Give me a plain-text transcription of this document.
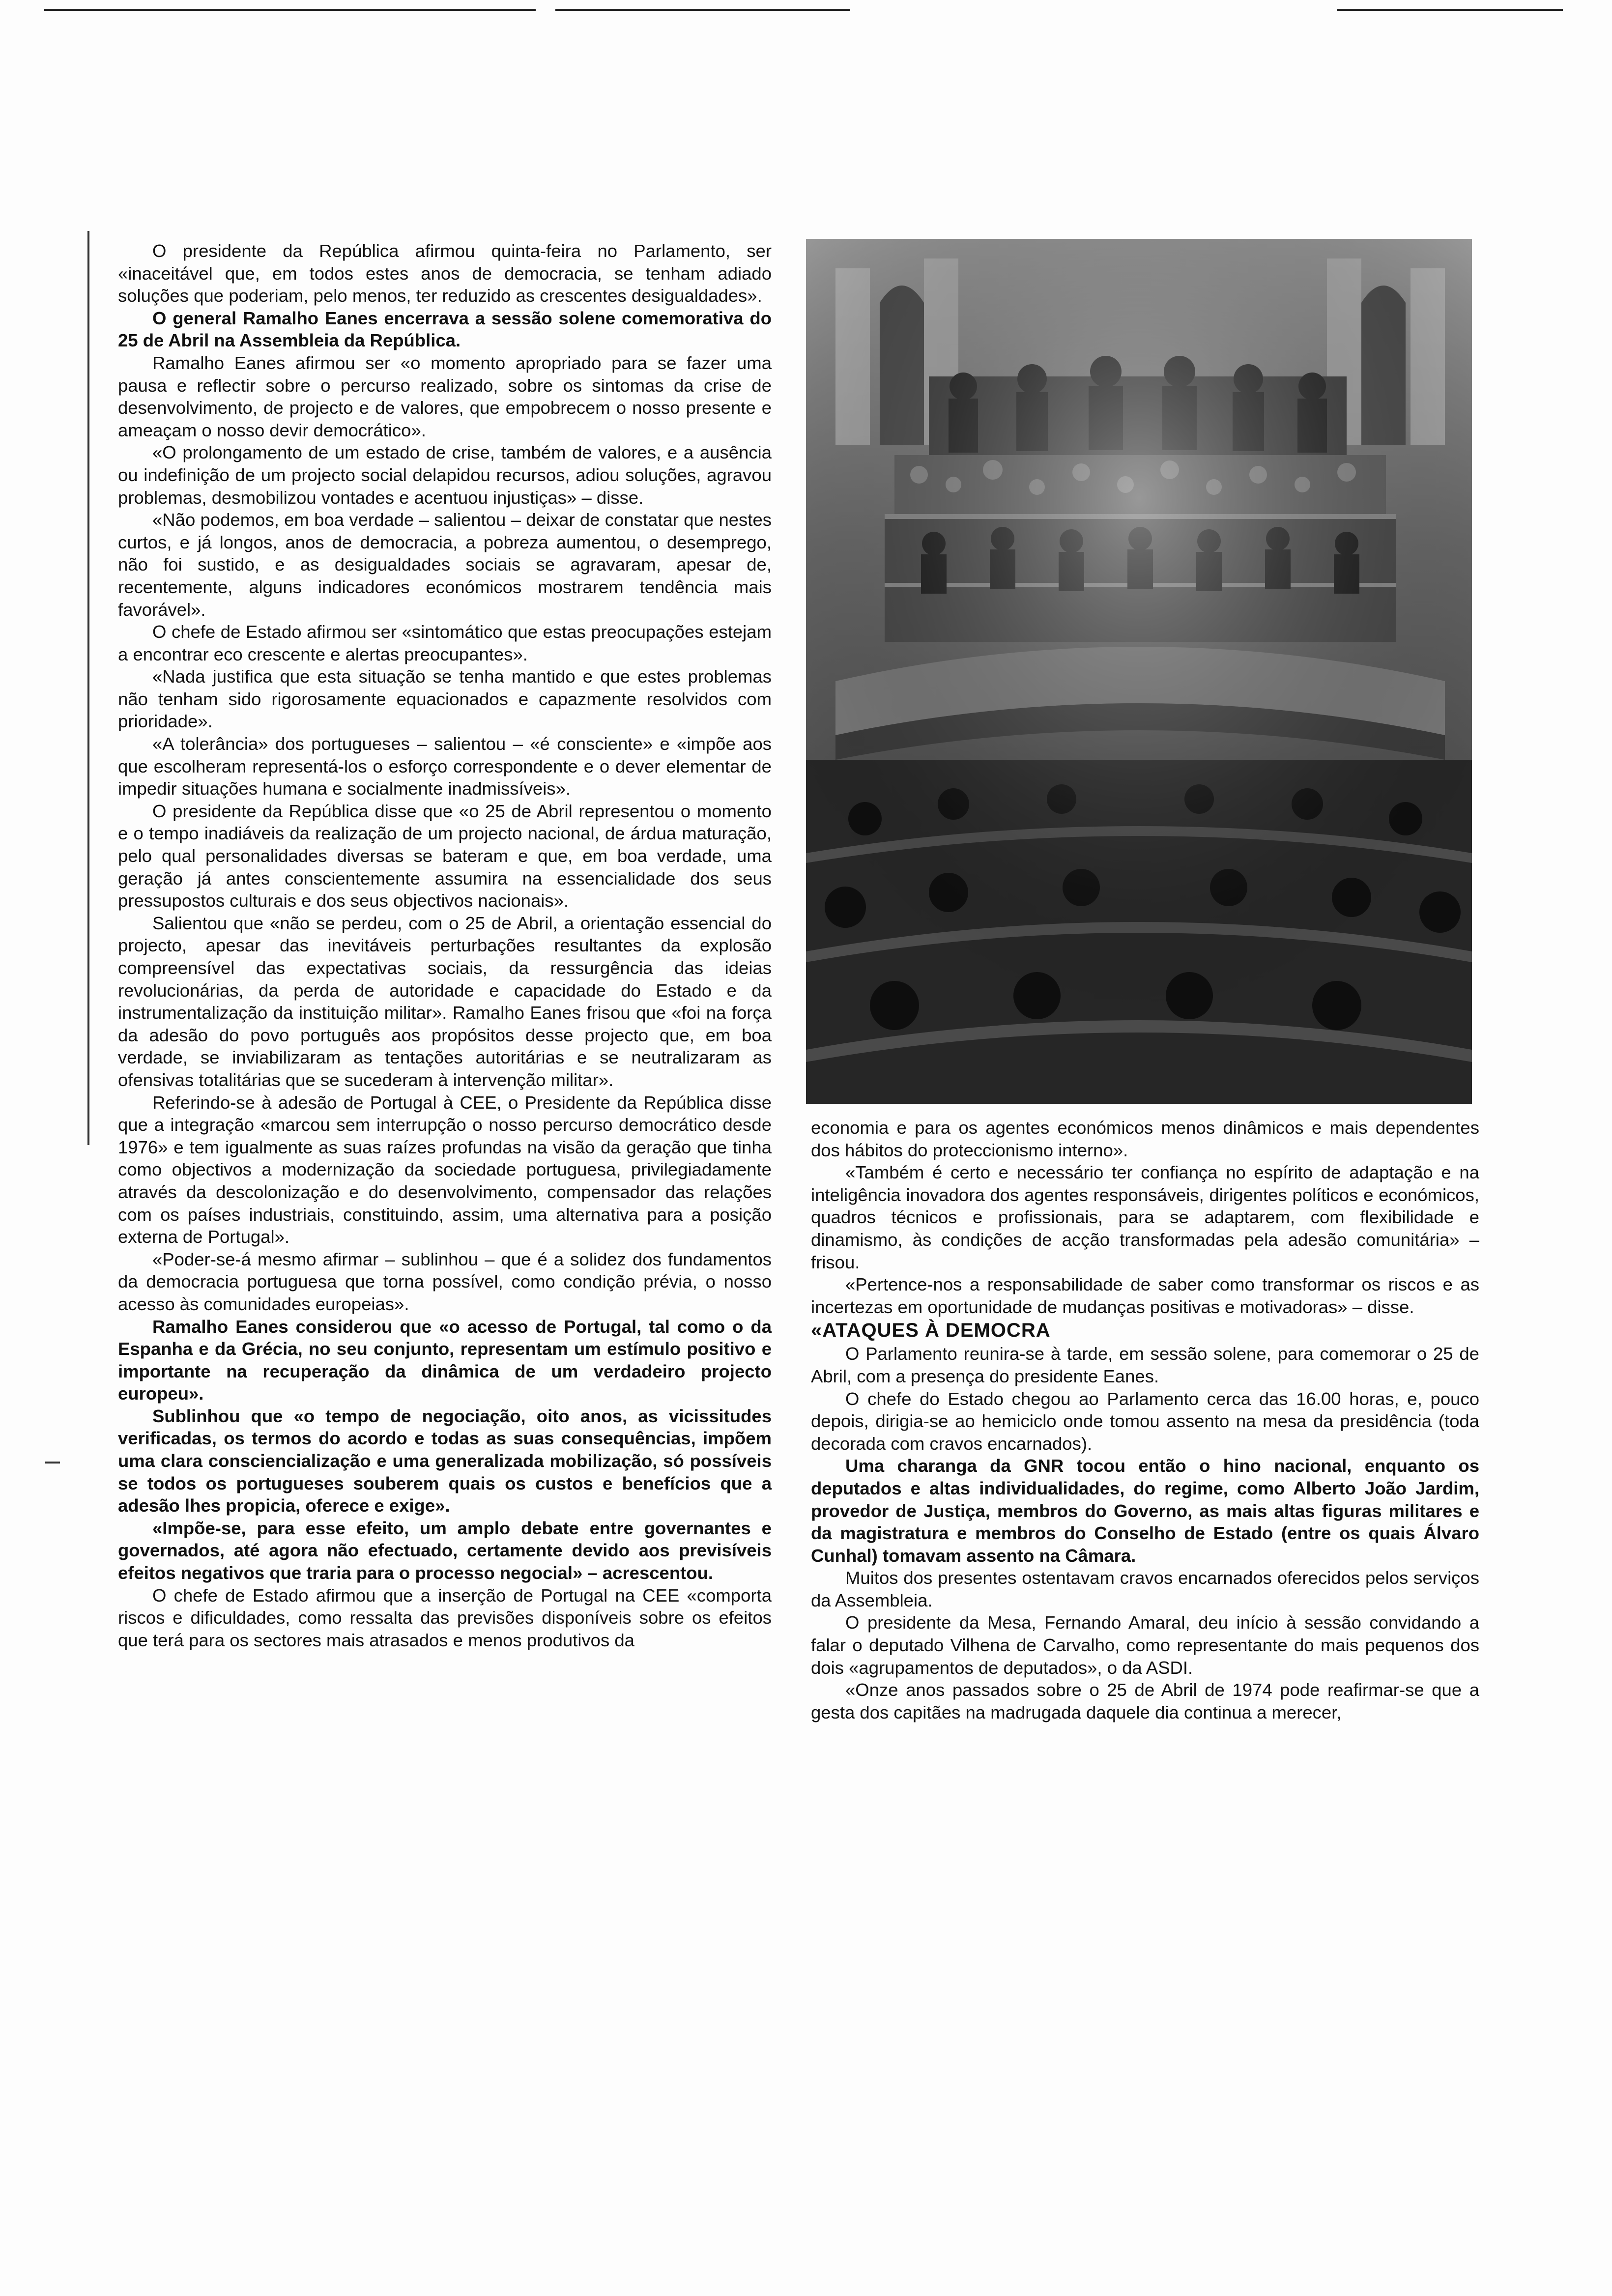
O presidente da República afirmou quinta-feira no Parlamento, ser «inaceitável que, em todos estes anos de democracia, se tenham adiado soluções que poderiam, pelo menos, ter reduzido as crescentes desigualdades».

O general Ramalho Eanes encerrava a sessão solene comemorativa do 25 de Abril na Assembleia da República.

Ramalho Eanes afirmou ser «o momento apropriado para se fazer uma pausa e reflectir sobre o percurso realizado, sobre os sintomas da crise de desenvolvimento, de projecto e de valores, que empobrecem o nosso presente e ameaçam o nosso devir democrático».

«O prolongamento de um estado de crise, também de valores, e a ausência ou indefinição de um projecto social delapidou recursos, adiou soluções, agravou problemas, desmobilizou vontades e acentuou injustiças» – disse.

«Não podemos, em boa verdade – salientou – deixar de constatar que nestes curtos, e já longos, anos de democracia, a pobreza aumentou, o desemprego, não foi sustido, e as desigualdades sociais se agravaram, apesar de, recentemente, alguns indicadores económicos mostrarem tendência mais favorável».

O chefe de Estado afirmou ser «sintomático que estas preocupações estejam a encontrar eco crescente e alertas preocupantes».

«Nada justifica que esta situação se tenha mantido e que estes problemas não tenham sido rigorosamente equacionados e capazmente resolvidos com prioridade».

«A tolerância» dos portugueses – salientou – «é consciente» e «impõe aos que escolheram representá-los o esforço correspondente e o dever elementar de impedir situações humana e socialmente inadmissíveis».

O presidente da República disse que «o 25 de Abril representou o momento e o tempo inadiáveis da realização de um projecto nacional, de árdua maturação, pelo qual personalidades diversas se bateram e que, em boa verdade, uma geração já antes conscientemente assumira na essencialidade dos seus pressupostos culturais e dos seus objectivos nacionais».

Salientou que «não se perdeu, com o 25 de Abril, a orientação essencial do projecto, apesar das inevitáveis perturbações resultantes da explosão compreensível das expectativas sociais, da ressurgência das ideias revolucionárias, da perda de autoridade e capacidade do Estado e da instrumentalização da instituição militar». Ramalho Eanes frisou que «foi na força da adesão do povo português aos propósitos desse projecto que, em boa verdade, se inviabilizaram as tentações autoritárias e se neutralizaram as ofensivas totalitárias que se sucederam à intervenção militar».

Referindo-se à adesão de Portugal à CEE, o Presidente da República disse que a integração «marcou sem interrupção o nosso percurso democrático desde 1976» e tem igualmente as suas raízes profundas na visão da geração que tinha como objectivos a modernização da sociedade portuguesa, privilegiadamente através da descolonização e do desenvolvimento, compensador das relações com os países industriais, constituindo, assim, uma alternativa para a posição externa de Portugal».

«Poder-se-á mesmo afirmar – sublinhou – que é a solidez dos fundamentos da democracia portuguesa que torna possível, como condição prévia, o nosso acesso às comunidades europeias».

Ramalho Eanes considerou que «o acesso de Portugal, tal como o da Espanha e da Grécia, no seu conjunto, representam um estímulo positivo e importante na recuperação da dinâmica de um verdadeiro projecto europeu».

Sublinhou que «o tempo de negociação, oito anos, as vicissitudes verificadas, os termos do acordo e todas as suas consequências, impõem uma clara consciencialização e uma generalizada mobilização, só possíveis se todos os portugueses souberem quais os custos e benefícios que a adesão lhes propicia, oferece e exige».

«Impõe-se, para esse efeito, um amplo debate entre governantes e governados, até agora não efectuado, certamente devido aos previsíveis efeitos negativos que traria para o processo negocial» – acrescentou.

O chefe de Estado afirmou que a inserção de Portugal na CEE «comporta riscos e dificuldades, como ressalta das previsões disponíveis sobre os efeitos que terá para os sectores mais atrasados e menos produtivos da

economia e para os agentes económicos menos dinâmicos e mais dependentes dos hábitos do proteccionismo interno».

«Também é certo e necessário ter confiança no espírito de adaptação e na inteligência inovadora dos agentes responsáveis, dirigentes políticos e económicos, quadros técnicos e profissionais, para se adaptarem, com flexibilidade e dinamismo, às condições de acção transformadas pela adesão comunitária» – frisou.

«Pertence-nos a responsabilidade de saber como transformar os riscos e as incertezas em oportunidade de mudanças positivas e motivadoras» – disse.

«ATAQUES À DEMOCRA

O Parlamento reunira-se à tarde, em sessão solene, para comemorar o 25 de Abril, com a presença do presidente Eanes.

O chefe do Estado chegou ao Parlamento cerca das 16.00 horas, e, pouco depois, dirigia-se ao hemiciclo onde tomou assento na mesa da presidência (toda decorada com cravos encarnados).

Uma charanga da GNR tocou então o hino nacional, enquanto os deputados e altas individualidades, do regime, como Alberto João Jardim, provedor de Justiça, membros do Governo, as mais altas figuras militares e da magistratura e membros do Conselho de Estado (entre os quais Álvaro Cunhal) tomavam assento na Câmara.

Muitos dos presentes ostentavam cravos encarnados oferecidos pelos serviços da Assembleia.

O presidente da Mesa, Fernando Amaral, deu início à sessão convidando a falar o deputado Vilhena de Carvalho, como representante do mais pequenos dos dois «agrupamentos de deputados», o da ASDI.

«Onze anos passados sobre o 25 de Abril de 1974 pode reafirmar-se que a gesta dos capitães na madrugada daquele dia continua a merecer,
